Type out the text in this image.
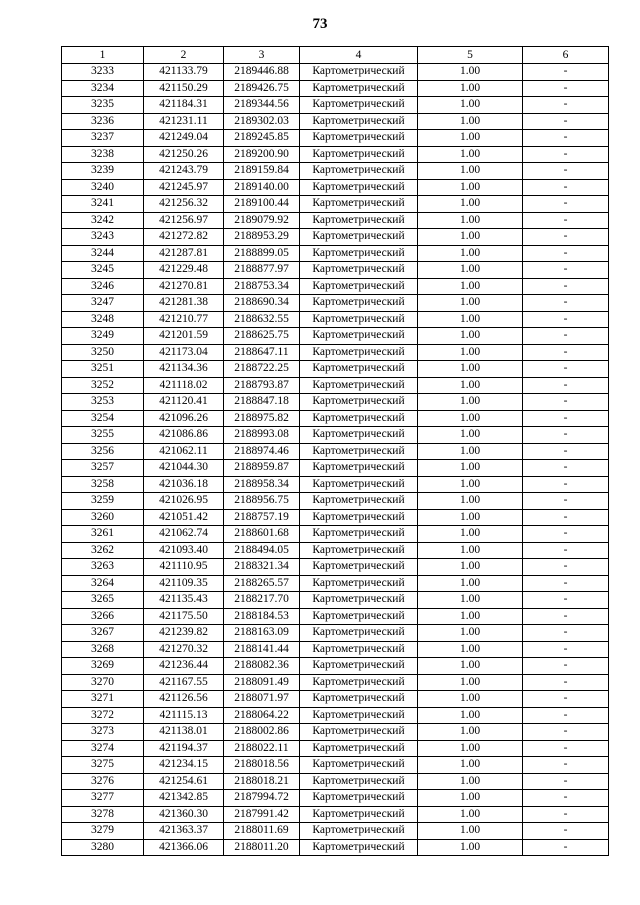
73
1	2	3	4	5	6
3233	421133.79	2189446.88	Картометрический	1.00	-
3234	421150.29	2189426.75	Картометрический	1.00	-
3235	421184.31	2189344.56	Картометрический	1.00	-
3236	421231.11	2189302.03	Картометрический	1.00	-
3237	421249.04	2189245.85	Картометрический	1.00	-
3238	421250.26	2189200.90	Картометрический	1.00	-
3239	421243.79	2189159.84	Картометрический	1.00	-
3240	421245.97	2189140.00	Картометрический	1.00	-
3241	421256.32	2189100.44	Картометрический	1.00	-
3242	421256.97	2189079.92	Картометрический	1.00	-
3243	421272.82	2188953.29	Картометрический	1.00	-
3244	421287.81	2188899.05	Картометрический	1.00	-
3245	421229.48	2188877.97	Картометрический	1.00	-
3246	421270.81	2188753.34	Картометрический	1.00	-
3247	421281.38	2188690.34	Картометрический	1.00	-
3248	421210.77	2188632.55	Картометрический	1.00	-
3249	421201.59	2188625.75	Картометрический	1.00	-
3250	421173.04	2188647.11	Картометрический	1.00	-
3251	421134.36	2188722.25	Картометрический	1.00	-
3252	421118.02	2188793.87	Картометрический	1.00	-
3253	421120.41	2188847.18	Картометрический	1.00	-
3254	421096.26	2188975.82	Картометрический	1.00	-
3255	421086.86	2188993.08	Картометрический	1.00	-
3256	421062.11	2188974.46	Картометрический	1.00	-
3257	421044.30	2188959.87	Картометрический	1.00	-
3258	421036.18	2188958.34	Картометрический	1.00	-
3259	421026.95	2188956.75	Картометрический	1.00	-
3260	421051.42	2188757.19	Картометрический	1.00	-
3261	421062.74	2188601.68	Картометрический	1.00	-
3262	421093.40	2188494.05	Картометрический	1.00	-
3263	421110.95	2188321.34	Картометрический	1.00	-
3264	421109.35	2188265.57	Картометрический	1.00	-
3265	421135.43	2188217.70	Картометрический	1.00	-
3266	421175.50	2188184.53	Картометрический	1.00	-
3267	421239.82	2188163.09	Картометрический	1.00	-
3268	421270.32	2188141.44	Картометрический	1.00	-
3269	421236.44	2188082.36	Картометрический	1.00	-
3270	421167.55	2188091.49	Картометрический	1.00	-
3271	421126.56	2188071.97	Картометрический	1.00	-
3272	421115.13	2188064.22	Картометрический	1.00	-
3273	421138.01	2188002.86	Картометрический	1.00	-
3274	421194.37	2188022.11	Картометрический	1.00	-
3275	421234.15	2188018.56	Картометрический	1.00	-
3276	421254.61	2188018.21	Картометрический	1.00	-
3277	421342.85	2187994.72	Картометрический	1.00	-
3278	421360.30	2187991.42	Картометрический	1.00	-
3279	421363.37	2188011.69	Картометрический	1.00	-
3280	421366.06	2188011.20	Картометрический	1.00	-
